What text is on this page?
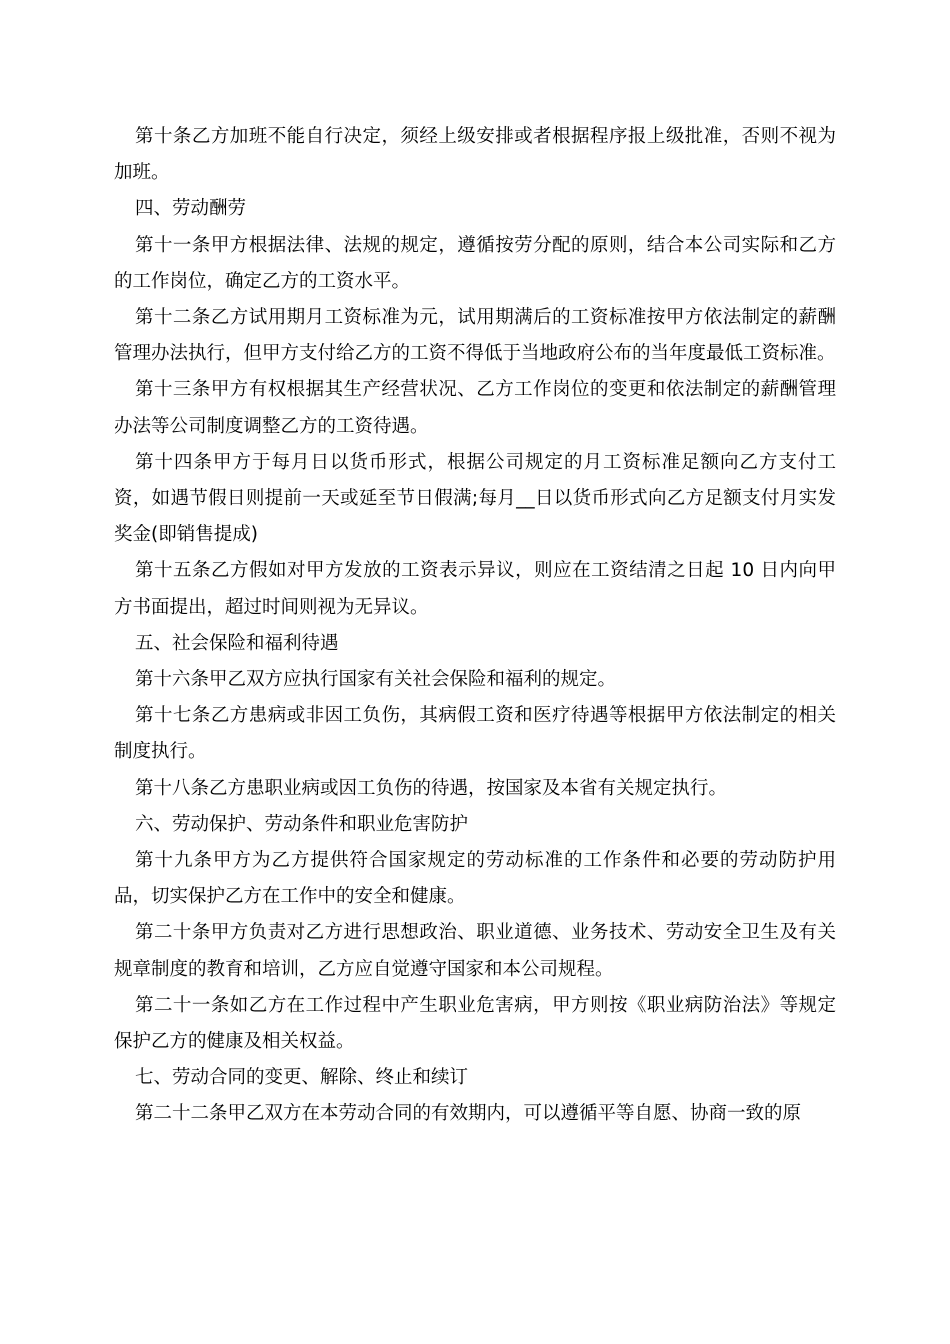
第十条乙方加班不能自行决定，须经上级安排或者根据程序报上级批准，否则不视为加班。

四、劳动酬劳

第十一条甲方根据法律、法规的规定，遵循按劳分配的原则，结合本公司实际和乙方的工作岗位，确定乙方的工资水平。

第十二条乙方试用期月工资标准为元，试用期满后的工资标准按甲方依法制定的薪酬管理办法执行，但甲方支付给乙方的工资不得低于当地政府公布的当年度最低工资标准。

第十三条甲方有权根据其生产经营状况、乙方工作岗位的变更和依法制定的薪酬管理办法等公司制度调整乙方的工资待遇。

第十四条甲方于每月日以货币形式，根据公司规定的月工资标准足额向乙方支付工资，如遇节假日则提前一天或延至节日假满;每月__日以货币形式向乙方足额支付月实发奖金(即销售提成)

第十五条乙方假如对甲方发放的工资表示异议，则应在工资结清之日起 10 日内向甲方书面提出，超过时间则视为无异议。

五、社会保险和福利待遇

第十六条甲乙双方应执行国家有关社会保险和福利的规定。

第十七条乙方患病或非因工负伤，其病假工资和医疗待遇等根据甲方依法制定的相关制度执行。

第十八条乙方患职业病或因工负伤的待遇，按国家及本省有关规定执行。

六、劳动保护、劳动条件和职业危害防护

第十九条甲方为乙方提供符合国家规定的劳动标准的工作条件和必要的劳动防护用品，切实保护乙方在工作中的安全和健康。

第二十条甲方负责对乙方进行思想政治、职业道德、业务技术、劳动安全卫生及有关规章制度的教育和培训，乙方应自觉遵守国家和本公司规程。

第二十一条如乙方在工作过程中产生职业危害病，甲方则按《职业病防治法》等规定保护乙方的健康及相关权益。

七、劳动合同的变更、解除、终止和续订

第二十二条甲乙双方在本劳动合同的有效期内，可以遵循平等自愿、协商一致的原
